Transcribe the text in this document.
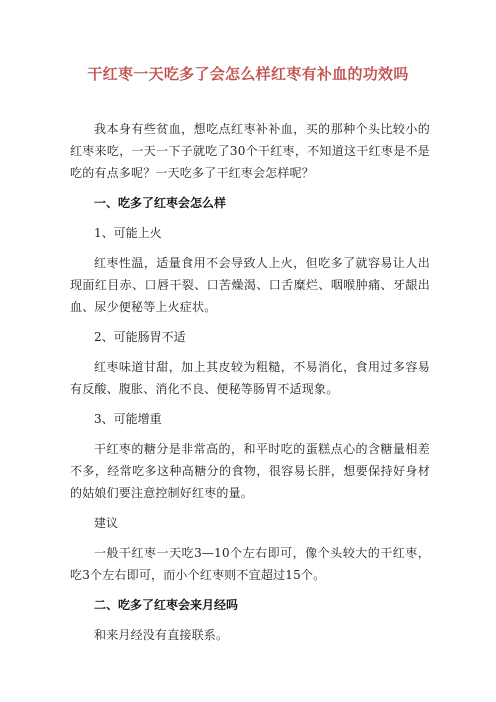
干红枣一天吃多了会怎么样红枣有补血的功效吗

我本身有些贫血，想吃点红枣补补血，买的那种个头比较小的红枣来吃，一天一下子就吃了30个干红枣，不知道这干红枣是不是吃的有点多呢？一天吃多了干红枣会怎样呢？

一、吃多了红枣会怎么样

1、可能上火

红枣性温，适量食用不会导致人上火，但吃多了就容易让人出现面红目赤、口唇干裂、口苦燥渴、口舌糜烂、咽喉肿痛、牙龈出血、尿少便秘等上火症状。

2、可能肠胃不适

红枣味道甘甜，加上其皮较为粗糙，不易消化，食用过多容易有反酸、腹胀、消化不良、便秘等肠胃不适现象。

3、可能增重

干红枣的糖分是非常高的，和平时吃的蛋糕点心的含糖量相差不多，经常吃多这种高糖分的食物，很容易长胖，想要保持好身材的姑娘们要注意控制好红枣的量。

建议

一般干红枣一天吃3—10个左右即可，像个头较大的干红枣，吃3个左右即可，而小个红枣则不宜超过15个。

二、吃多了红枣会来月经吗

和来月经没有直接联系。
